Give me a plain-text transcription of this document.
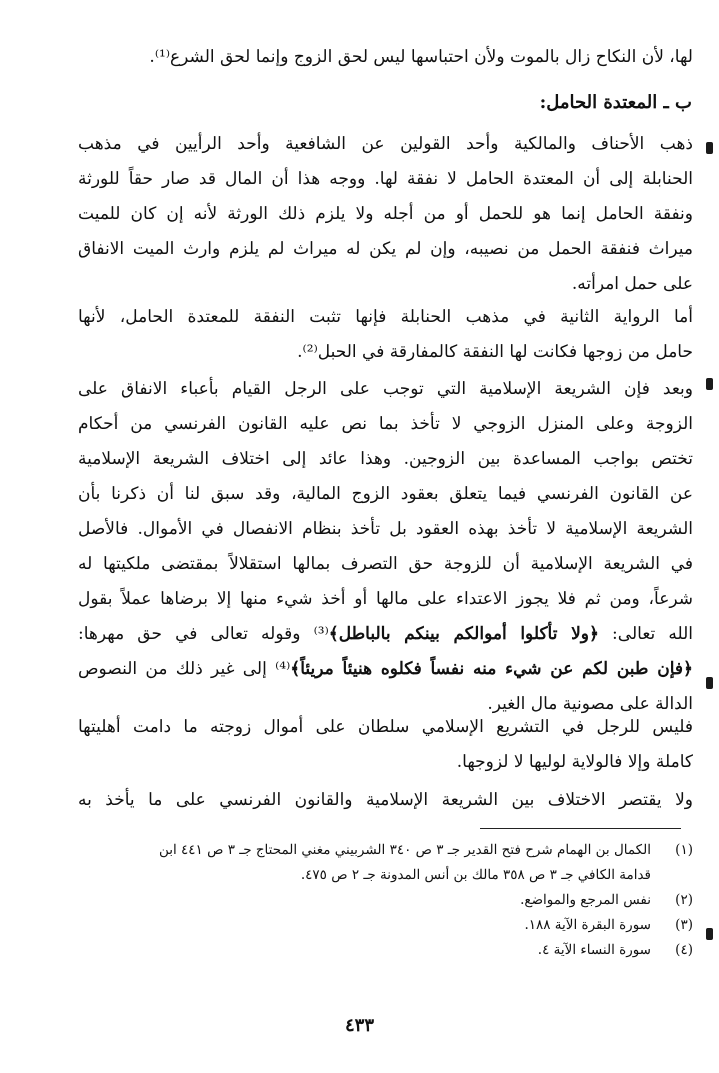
لها، لأن النكاح زال بالموت ولأن احتباسها ليس لحق الزوج وإنما لحق الشرع⁽¹⁾.
ب ـ المعتدة الحامل:
ذهب الأحناف والمالكية وأحد القولين عن الشافعية وأحد الرأيين في مذهب
الحنابلة إلى أن المعتدة الحامل لا نفقة لها. ووجه هذا أن المال قد صار حقاً للورثة
ونفقة الحامل إنما هو للحمل أو من أجله ولا يلزم ذلك الورثة لأنه إن كان للميت
ميراث فنفقة الحمل من نصيبه، وإن لم يكن له ميراث لم يلزم وارث الميت الانفاق
على حمل امرأته.
أما الرواية الثانية في مذهب الحنابلة فإنها تثبت النفقة للمعتدة الحامل، لأنها
حامل من زوجها فكانت لها النفقة كالمفارقة في الحبل⁽²⁾.
وبعد فإن الشريعة الإسلامية التي توجب على الرجل القيام بأعباء الانفاق على
الزوجة وعلى المنزل الزوجي لا تأخذ بما نص عليه القانون الفرنسي من أحكام
تختص بواجب المساعدة بين الزوجين. وهذا عائد إلى اختلاف الشريعة الإسلامية
عن القانون الفرنسي فيما يتعلق بعقود الزوج المالية، وقد سبق لنا أن ذكرنا بأن
الشريعة الإسلامية لا تأخذ بهذه العقود بل تأخذ بنظام الانفصال في الأموال. فالأصل
في الشريعة الإسلامية أن للزوجة حق التصرف بمالها استقلالاً بمقتضى ملكيتها له
شرعاً، ومن ثم فلا يجوز الاعتداء على مالها أو أخذ شيء منها إلا برضاها عملاً بقول
الله تعالى: ﴿ولا تأكلوا أموالكم بينكم بالباطل﴾⁽³⁾ وقوله تعالى في حق مهرها:
﴿فإن طبن لكم عن شيء منه نفساً فكلوه هنيئاً مريئاً﴾⁽⁴⁾ إلى غير ذلك من النصوص
الدالة على مصونية مال الغير.
فليس للرجل في التشريع الإسلامي سلطان على أموال زوجته ما دامت أهليتها
كاملة وإلا فالولاية لوليها لا لزوجها.
ولا يقتصر الاختلاف بين الشريعة الإسلامية والقانون الفرنسي على ما يأخذ به
(١)
الكمال بن الهمام شرح فتح القدير جـ ٣ ص ٣٤٠ الشربيني مغني المحتاج جـ ٣ ص ٤٤١ ابن
قدامة الكافي جـ ٣ ص ٣٥٨ مالك بن أنس المدونة جـ ٢ ص ٤٧٥.
(٢)
نفس المرجع والمواضع.
(٣)
سورة البقرة الآية ١٨٨.
(٤)
سورة النساء الآية ٤.
٤٣٣
